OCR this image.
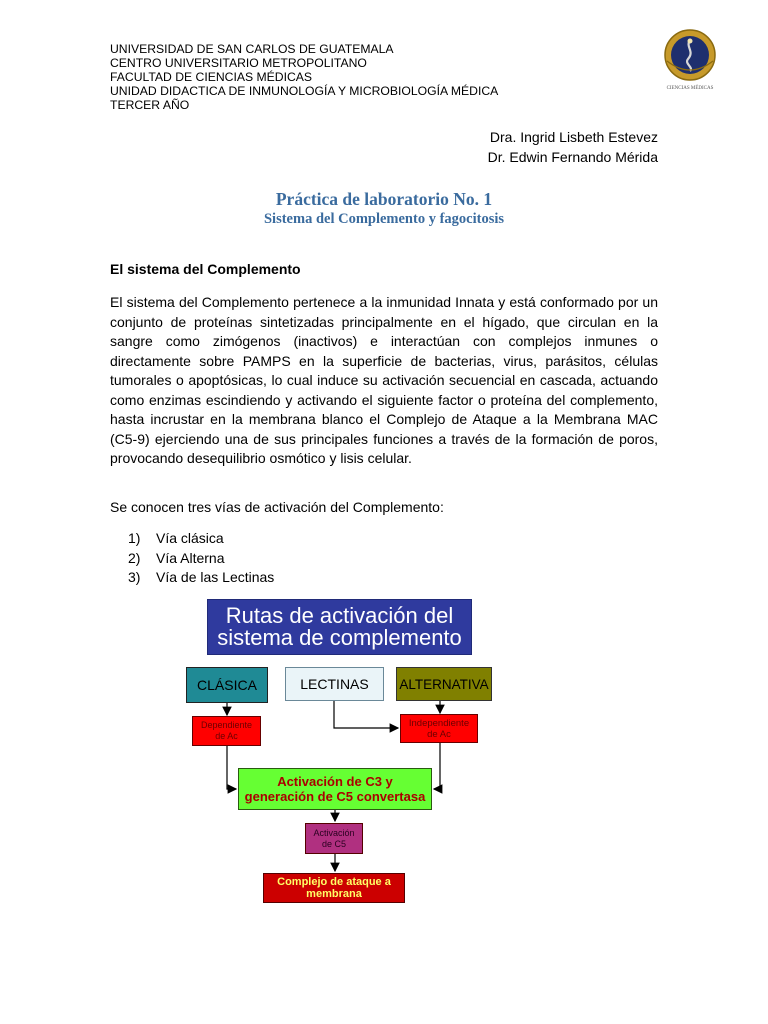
UNIVERSIDAD DE SAN CARLOS DE GUATEMALA
CENTRO UNIVERSITARIO METROPOLITANO
FACULTAD DE CIENCIAS MÉDICAS
UNIDAD DIDACTICA DE INMUNOLOGÍA Y MICROBIOLOGÍA MÉDICA
TERCER AÑO
CIENCIAS MÉDICAS
Dra. Ingrid Lisbeth Estevez
Dr. Edwin Fernando Mérida
Práctica de laboratorio No. 1
Sistema del Complemento y fagocitosis
El sistema del Complemento
El sistema del Complemento pertenece a la inmunidad Innata y está conformado por un conjunto de proteínas sintetizadas principalmente en el hígado, que circulan en la sangre como zimógenos (inactivos) e interactúan con complejos inmunes o directamente sobre PAMPS en la superficie de bacterias, virus, parásitos, células tumorales o apoptósicas, lo cual induce su activación secuencial en cascada, actuando como enzimas escindiendo y activando el siguiente factor o proteína del complemento, hasta incrustar en la membrana blanco el Complejo de Ataque a la Membrana MAC (C5-9) ejerciendo una de sus principales funciones a través de la formación de poros, provocando desequilibrio osmótico y lisis celular.
Se conocen tres vías de activación del Complemento:
1) Vía clásica
2) Vía Alterna
3) Vía de las Lectinas
Rutas de activación del
sistema de complemento
CLÁSICA	LECTINAS	ALTERNATIVA
Dependiente
de Ac
Independiente
de Ac
Activación de C3 y
generación de C5 convertasa
Activación
de C5
Complejo de ataque a
membrana
